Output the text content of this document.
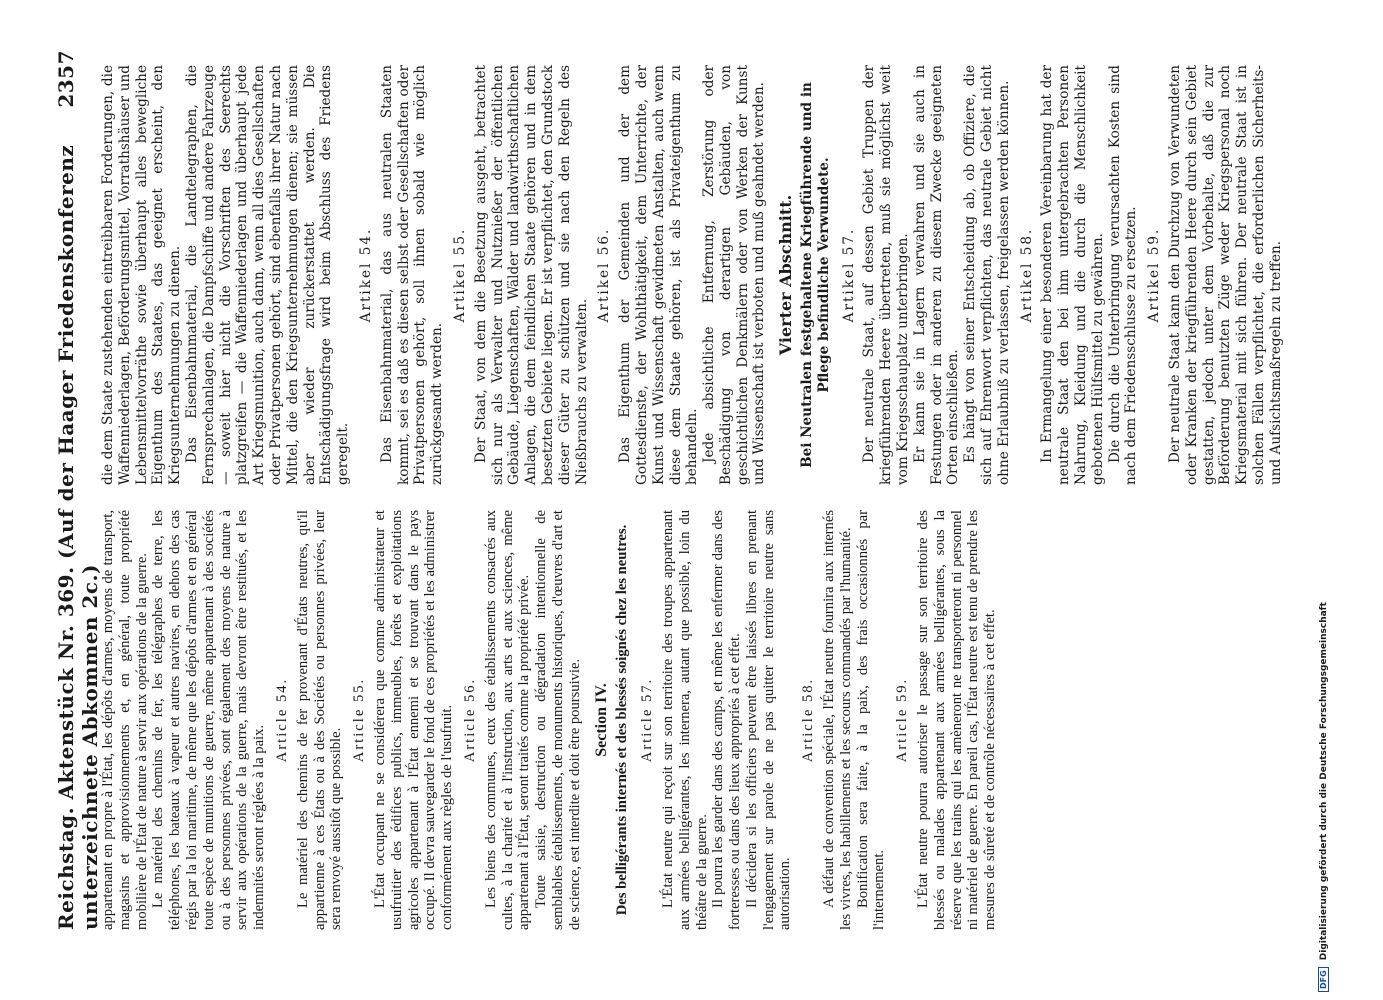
Reichstag. Aktenstück Nr. 369. (Auf der Haager Friedenskonferenz unterzeichnete Abkommen 2c.)
2357

appartenant en propre à l'État, les dépôts d'armes, moyens de transport, magasins et approvisionnements et, en général, toute propriété mobilière de l'État de nature à servir aux opérations de la guerre. Le matériel des chemins de fer, les télégraphes de terre, les téléphones, les bateaux à vapeur et autres navires, en dehors des cas régis par la loi maritime, de même que les dépôts d'armes et en général toute espèce de munitions de guerre, même appartenant à des sociétés ou à des personnes privées, sont également des moyens de nature à servir aux opérations de la guerre, mais devront être restitués, et les indemnités seront réglées à la paix.

Article 54. Le matériel des chemins de fer provenant d'États neutres, qu'il appartienne à ces États ou à des Sociétés ou personnes privées, leur sera renvoyé aussitôt que possible.

Article 55. L'État occupant ne se considérera que comme administrateur et usufruitier des édifices publics, immeubles, forêts et exploitations agricoles appartenant à l'État ennemi et se trouvant dans le pays occupé. Il devra sauvegarder le fond de ces propriétés et les administrer conformément aux règles de l'usufruit. Article 56. Les biens des communes, ceux des établissements consacrés aux cultes, à la charité et à l'instruction, aux arts et aux sciences, même appartenant à l'État, seront traités comme la propriété privée. Toute saisie, destruction ou dégradation intentionnelle de semblables établissements, de monuments historiques, d'œuvres d'art et de science, est interdite et doit être poursuivie. Section IV. Des belligérants internés et des blessés soignés chez les neutres. Article 57. L'État neutre qui reçoit sur son territoire des troupes appartenant aux armées belligérantes, les internera, autant que possible, loin du théâtre de la guerre. Il pourra les garder dans des camps, et même les enfermer dans des forteresses ou dans des lieux appropriés à cet effet. Il décidera si les officiers peuvent être laissés libres en prenant l'engagement sur parole de ne pas quitter le territoire neutre sans autorisation.

Article 58. A défaut de convention spéciale, l'État neutre fournira aux internés les vivres, les habillements et les secours commandés par l'humanité. Bonification sera faite, à la paix, des frais occasionnés par l'internement.

Article 59. L'État neutre pourra autoriser le passage sur son territoire des blessés ou malades appartenant aux armées belligérantes, sous la réserve que les trains qui les amèneront ne transporteront ni personnel ni matériel de guerre. En pareil cas, l'État neutre est tenu de prendre les mesures de sûreté et de contrôle nécessaires à cet effet.

die dem Staate zustehenden eintreibbaren Forderungen, die Waffenniederlagen, Beförderungsmittel, Vorrathshäuser und Lebensmittelvorräthe sowie überhaupt alles bewegliche Eigenthum des Staates, das geeignet erscheint, den Kriegsunternehmungen zu dienen. Das Eisenbahnmaterial, die Landtelegraphen, die Fernsprechanlagen, die Dampfschiffe und andere Fahrzeuge — soweit hier nicht die Vorschriften des Seerechts platzgreifen — die Waffenniederlagen und überhaupt jede Art Kriegsmunition, auch dann, wenn all dies Gesellschaften oder Privatpersonen gehört, sind ebenfalls ihrer Natur nach Mittel, die den Kriegsunternehmungen dienen; sie müssen aber wieder zurückerstattet werden. Die Entschädigungsfrage wird beim Abschluss des Friedens geregelt.

Artikel 54. Das Eisenbahnmaterial, das aus neutralen Staaten kommt, sei es daß es diesen selbst oder Gesellschaften oder Privatpersonen gehört, soll ihnen sobald wie möglich zurückgesandt werden.

Artikel 55. Der Staat, von dem die Besetzung ausgeht, betrachtet sich nur als Verwalter und Nutznießer der öffentlichen Gebäude, Liegenschaften, Wälder und landwirthschaftlichen Anlagen, die dem feindlichen Staate gehören und in dem besetzten Gebiete liegen. Er ist verpflichtet, den Grundstock dieser Güter zu schützen und sie nach den Regeln des Nießbrauchs zu verwalten.

Artikel 56. Das Eigenthum der Gemeinden und der dem Gottesdienste, der Wohlthätigkeit, dem Unterrichte, der Kunst und Wissenschaft gewidmeten Anstalten, auch wenn diese dem Staate gehören, ist als Privateigenthum zu behandeln. Jede absichtliche Entfernung, Zerstörung oder Beschädigung von derartigen Gebäuden, von geschichtlichen Denkmälern oder von Werken der Kunst und Wissenschaft ist verboten und muß geahndet werden. Vierter Abschnitt. Bei Neutralen festgehaltene Kriegführende und in Pflege befindliche Verwundete. Artikel 57. Der neutrale Staat, auf dessen Gebiet Truppen der kriegführenden Heere übertreten, muß sie möglichst weit vom Kriegsschauplatz unterbringen. Er kann sie in Lagern verwahren und sie auch in Festungen oder in anderen zu diesem Zwecke geeigneten Orten einschließen. Es hängt von seiner Entscheidung ab, ob Offiziere, die sich auf Ehrenwort verpflichten, das neutrale Gebiet nicht ohne Erlaubniß zu verlassen, freigelassen werden können. Artikel 58. In Ermangelung einer besonderen Vereinbarung hat der neutrale Staat den bei ihm untergebrachten Personen Nahrung, Kleidung und die durch die Menschlichkeit gebotenen Hülfsmittel zu gewähren. Die durch die Unterbringung verursachten Kosten sind nach dem Friedensschlusse zu ersetzen. Artikel 59. Der neutrale Staat kann den Durchzug von Verwundeten oder Kranken der kriegführenden Heere durch sein Gebiet gestatten, jedoch unter dem Vorbehalte, daß die zur Beförderung benutzten Züge weder Kriegspersonal noch Kriegsmaterial mit sich führen. Der neutrale Staat ist in solchen Fällen verpflichtet, die erforderlichen Sicherheits- und Aufsichtsmaßregeln zu treffen.

DFG Digitalisierung gefördert durch die Deutsche Forschungsgemeinschaft
